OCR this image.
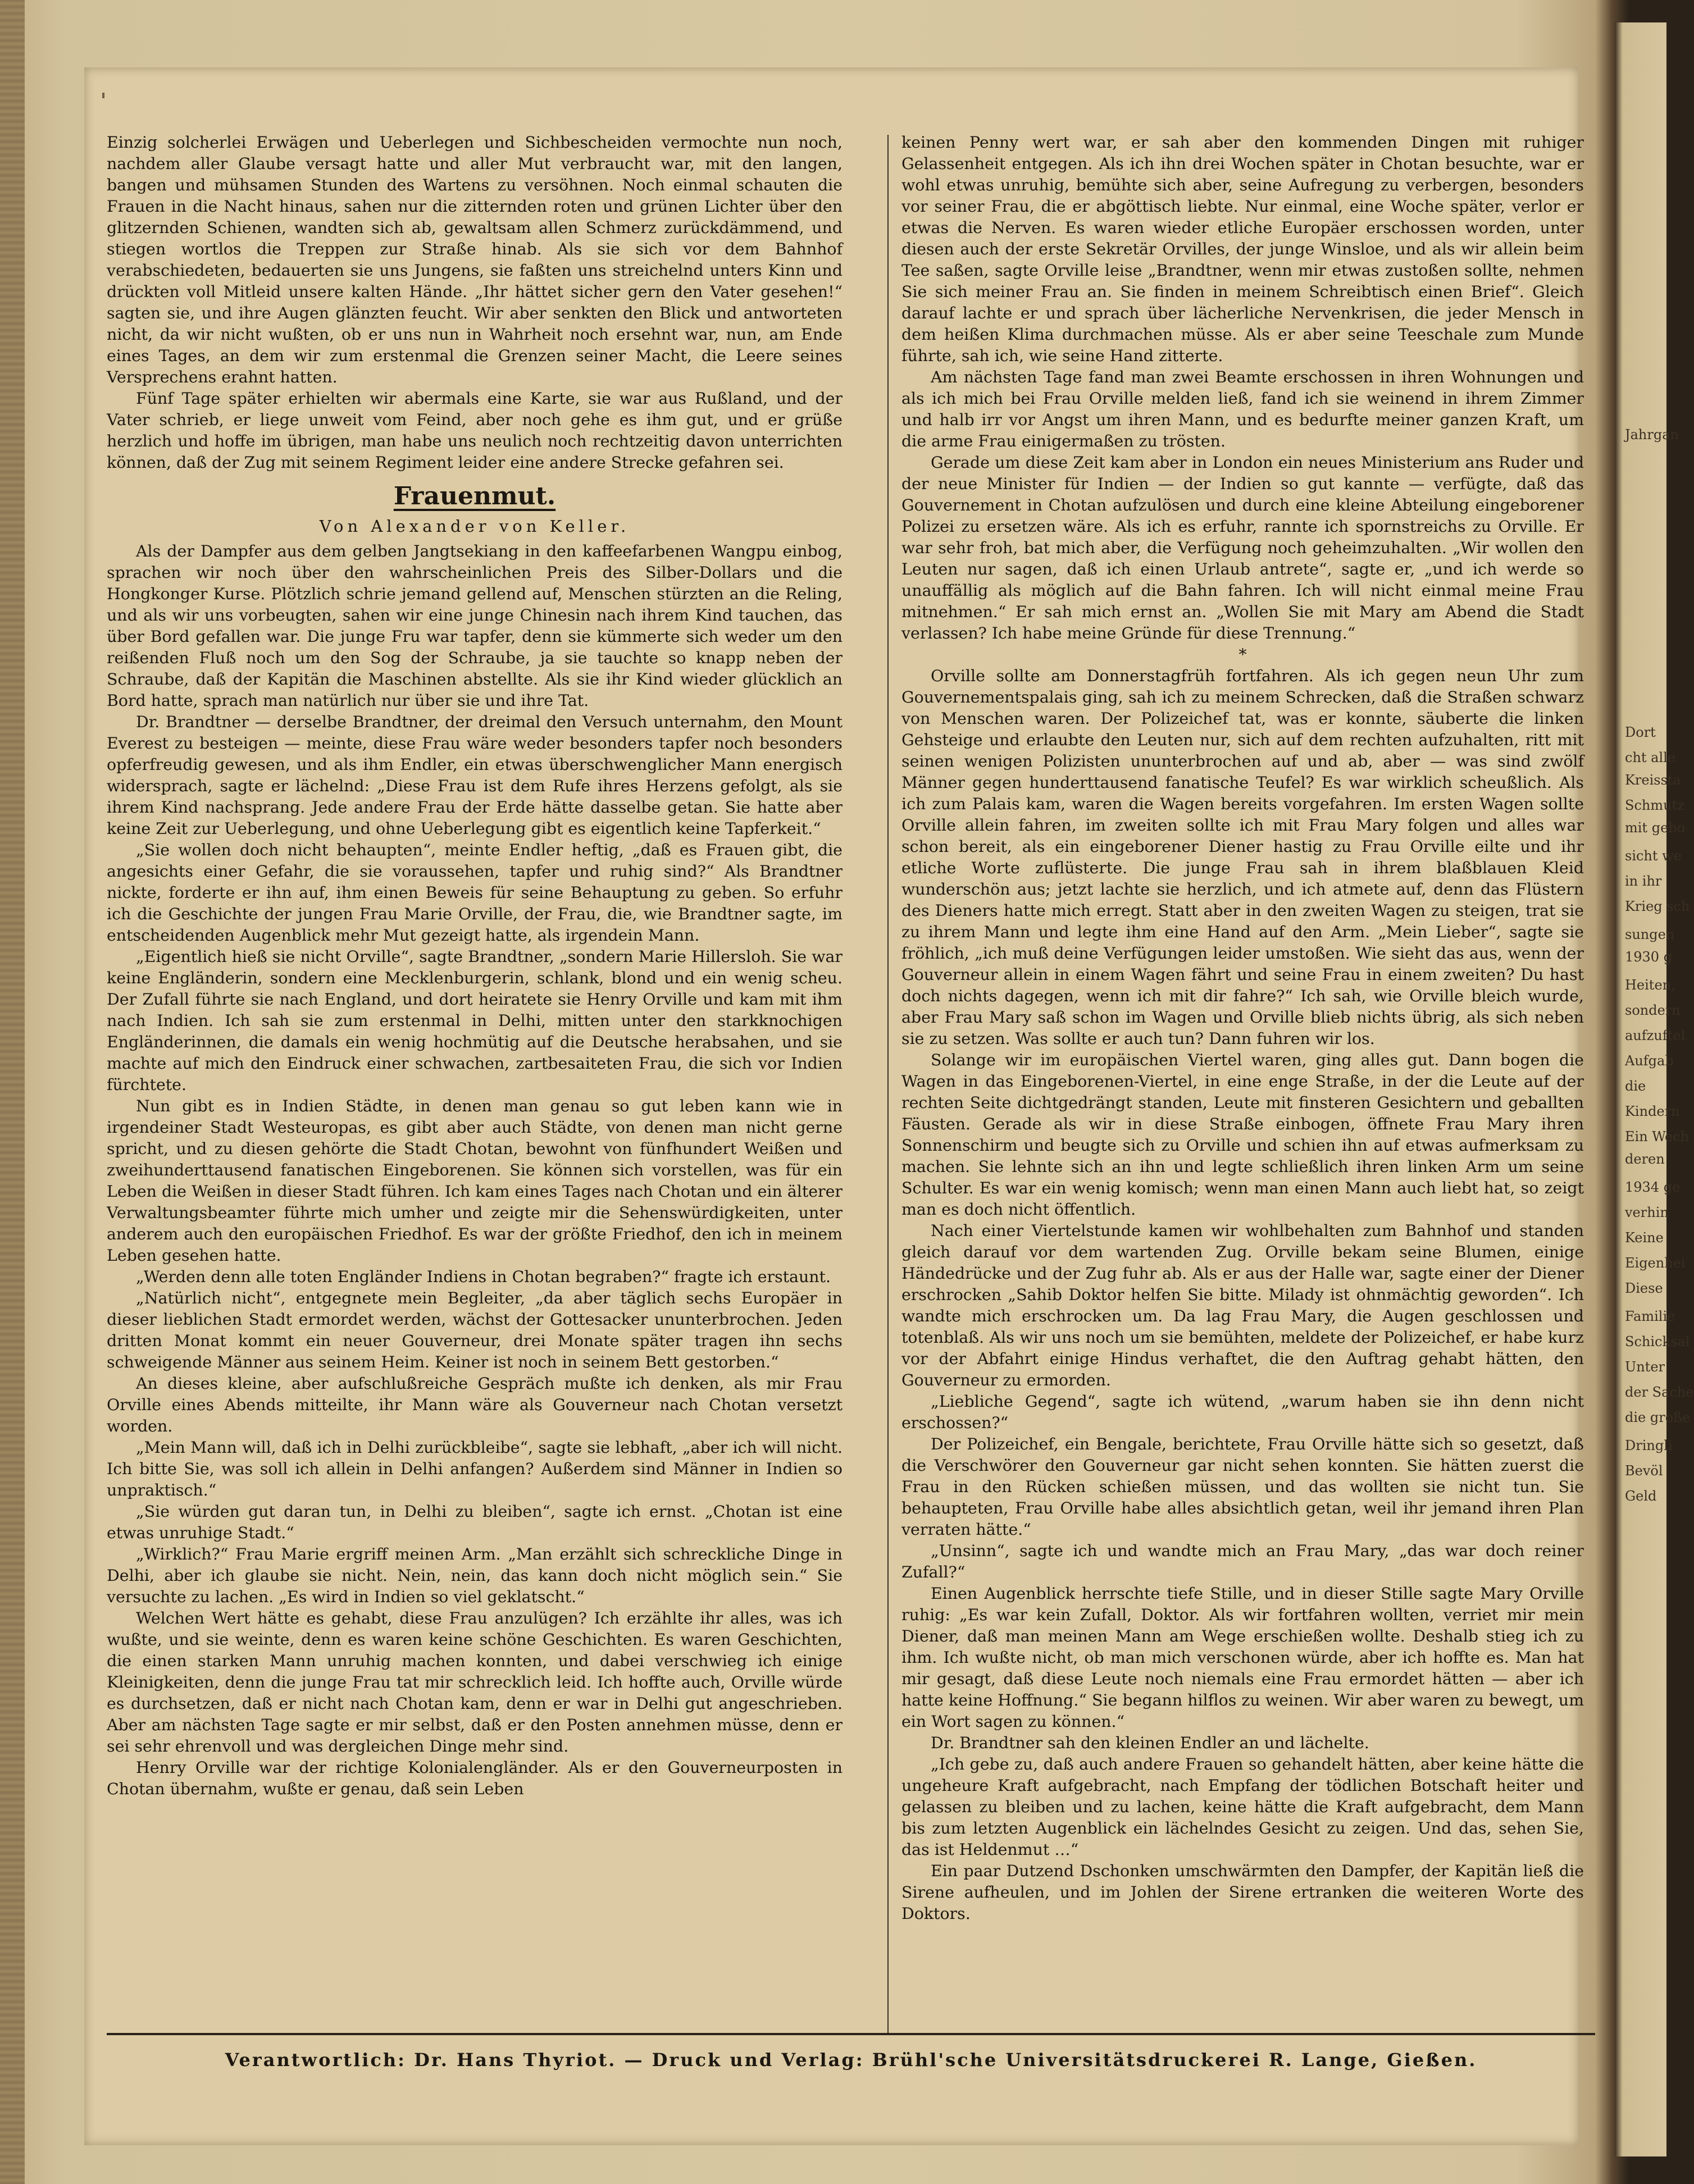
Einzig solcherlei Erwägen und Ueberlegen und Sichbescheiden vermochte nun noch, nachdem aller Glaube versagt hatte und aller Mut verbraucht war, mit den langen, bangen und mühsamen Stunden des Wartens zu versöhnen. Noch einmal schauten die Frauen in die Nacht hinaus, sahen nur die zitternden roten und grünen Lichter über den glitzernden Schienen, wandten sich ab, gewaltsam allen Schmerz zurückdämmend, und stiegen wortlos die Treppen zur Straße hinab. Als sie sich vor dem Bahnhof verabschiedeten, bedauerten sie uns Jungens, sie faßten uns streichelnd unters Kinn und drückten voll Mitleid unsere kalten Hände. „Ihr hättet sicher gern den Vater gesehen!“ sagten sie, und ihre Augen glänzten feucht. Wir aber senkten den Blick und antworteten nicht, da wir nicht wußten, ob er uns nun in Wahrheit noch ersehnt war, nun, am Ende eines Tages, an dem wir zum erstenmal die Grenzen seiner Macht, die Leere seines Versprechens erahnt hatten.

Fünf Tage später erhielten wir abermals eine Karte, sie war aus Rußland, und der Vater schrieb, er liege unweit vom Feind, aber noch gehe es ihm gut, und er grüße herzlich und hoffe im übrigen, man habe uns neulich noch rechtzeitig davon unterrichten können, daß der Zug mit seinem Regiment leider eine andere Strecke gefahren sei.

Frauenmut.
Von Alexander von Keller.

Als der Dampfer aus dem gelben Jangtsekiang in den kaffeefarbenen Wangpu einbog, sprachen wir noch über den wahrscheinlichen Preis des Silber-Dollars und die Hongkonger Kurse. Plötzlich schrie jemand gellend auf, Menschen stürzten an die Reling, und als wir uns vorbeugten, sahen wir eine junge Chinesin nach ihrem Kind tauchen, das über Bord gefallen war. Die junge Fru war tapfer, denn sie kümmerte sich weder um den reißenden Fluß noch um den Sog der Schraube, ja sie tauchte so knapp neben der Schraube, daß der Kapitän die Maschinen abstellte. Als sie ihr Kind wieder glücklich an Bord hatte, sprach man natürlich nur über sie und ihre Tat.

Dr. Brandtner — derselbe Brandtner, der dreimal den Versuch unternahm, den Mount Everest zu besteigen — meinte, diese Frau wäre weder besonders tapfer noch besonders opferfreudig gewesen, und als ihm Endler, ein etwas überschwenglicher Mann energisch widersprach, sagte er lächelnd: „Diese Frau ist dem Rufe ihres Herzens gefolgt, als sie ihrem Kind nachsprang. Jede andere Frau der Erde hätte dasselbe getan. Sie hatte aber keine Zeit zur Ueberlegung, und ohne Ueberlegung gibt es eigentlich keine Tapferkeit.“

„Sie wollen doch nicht behaupten“, meinte Endler heftig, „daß es Frauen gibt, die angesichts einer Gefahr, die sie voraussehen, tapfer und ruhig sind?“ Als Brandtner nickte, forderte er ihn auf, ihm einen Beweis für seine Behauptung zu geben. So erfuhr ich die Geschichte der jungen Frau Marie Orville, der Frau, die, wie Brandtner sagte, im entscheidenden Augenblick mehr Mut gezeigt hatte, als irgendein Mann.

„Eigentlich hieß sie nicht Orville“, sagte Brandtner, „sondern Marie Hillersloh. Sie war keine Engländerin, sondern eine Mecklenburgerin, schlank, blond und ein wenig scheu. Der Zufall führte sie nach England, und dort heiratete sie Henry Orville und kam mit ihm nach Indien. Ich sah sie zum erstenmal in Delhi, mitten unter den starkknochigen Engländerinnen, die damals ein wenig hochmütig auf die Deutsche herabsahen, und sie machte auf mich den Eindruck einer schwachen, zartbesaiteten Frau, die sich vor Indien fürchtete.

Nun gibt es in Indien Städte, in denen man genau so gut leben kann wie in irgendeiner Stadt Westeuropas, es gibt aber auch Städte, von denen man nicht gerne spricht, und zu diesen gehörte die Stadt Chotan, bewohnt von fünfhundert Weißen und zweihunderttausend fanatischen Eingeborenen. Sie können sich vorstellen, was für ein Leben die Weißen in dieser Stadt führen. Ich kam eines Tages nach Chotan und ein älterer Verwaltungsbeamter führte mich umher und zeigte mir die Sehenswürdigkeiten, unter anderem auch den europäischen Friedhof. Es war der größte Friedhof, den ich in meinem Leben gesehen hatte.

„Werden denn alle toten Engländer Indiens in Chotan begraben?“ fragte ich erstaunt.

„Natürlich nicht“, entgegnete mein Begleiter, „da aber täglich sechs Europäer in dieser lieblichen Stadt ermordet werden, wächst der Gottesacker ununterbrochen. Jeden dritten Monat kommt ein neuer Gouverneur, drei Monate später tragen ihn sechs schweigende Männer aus seinem Heim. Keiner ist noch in seinem Bett gestorben.“

An dieses kleine, aber aufschlußreiche Gespräch mußte ich denken, als mir Frau Orville eines Abends mitteilte, ihr Mann wäre als Gouverneur nach Chotan versetzt worden.

„Mein Mann will, daß ich in Delhi zurückbleibe“, sagte sie lebhaft, „aber ich will nicht. Ich bitte Sie, was soll ich allein in Delhi anfangen? Außerdem sind Männer in Indien so unpraktisch.“

„Sie würden gut daran tun, in Delhi zu bleiben“, sagte ich ernst. „Chotan ist eine etwas unruhige Stadt.“

„Wirklich?“ Frau Marie ergriff meinen Arm. „Man erzählt sich schreckliche Dinge in Delhi, aber ich glaube sie nicht. Nein, nein, das kann doch nicht möglich sein.“ Sie versuchte zu lachen. „Es wird in Indien so viel geklatscht.“

Welchen Wert hätte es gehabt, diese Frau anzulügen? Ich erzählte ihr alles, was ich wußte, und sie weinte, denn es waren keine schöne Geschichten. Es waren Geschichten, die einen starken Mann unruhig machen konnten, und dabei verschwieg ich einige Kleinigkeiten, denn die junge Frau tat mir schrecklich leid. Ich hoffte auch, Orville würde es durchsetzen, daß er nicht nach Chotan kam, denn er war in Delhi gut angeschrieben. Aber am nächsten Tage sagte er mir selbst, daß er den Posten annehmen müsse, denn er sei sehr ehrenvoll und was dergleichen Dinge mehr sind.

Henry Orville war der richtige Kolonialengländer. Als er den Gouverneurposten in Chotan übernahm, wußte er genau, daß sein Leben

keinen Penny wert war, er sah aber den kommenden Dingen mit ruhiger Gelassenheit entgegen. Als ich ihn drei Wochen später in Chotan besuchte, war er wohl etwas unruhig, bemühte sich aber, seine Aufregung zu verbergen, besonders vor seiner Frau, die er abgöttisch liebte. Nur einmal, eine Woche später, verlor er etwas die Nerven. Es waren wieder etliche Europäer erschossen worden, unter diesen auch der erste Sekretär Orvilles, der junge Winsloe, und als wir allein beim Tee saßen, sagte Orville leise „Brandtner, wenn mir etwas zustoßen sollte, nehmen Sie sich meiner Frau an. Sie finden in meinem Schreibtisch einen Brief“. Gleich darauf lachte er und sprach über lächerliche Nervenkrisen, die jeder Mensch in dem heißen Klima durchmachen müsse. Als er aber seine Teeschale zum Munde führte, sah ich, wie seine Hand zitterte.

Am nächsten Tage fand man zwei Beamte erschossen in ihren Wohnungen und als ich mich bei Frau Orville melden ließ, fand ich sie weinend in ihrem Zimmer und halb irr vor Angst um ihren Mann, und es bedurfte meiner ganzen Kraft, um die arme Frau einigermaßen zu trösten.

Gerade um diese Zeit kam aber in London ein neues Ministerium ans Ruder und der neue Minister für Indien — der Indien so gut kannte — verfügte, daß das Gouvernement in Chotan aufzulösen und durch eine kleine Abteilung eingeborener Polizei zu ersetzen wäre. Als ich es erfuhr, rannte ich spornstreichs zu Orville. Er war sehr froh, bat mich aber, die Verfügung noch geheimzuhalten. „Wir wollen den Leuten nur sagen, daß ich einen Urlaub antrete“, sagte er, „und ich werde so unauffällig als möglich auf die Bahn fahren. Ich will nicht einmal meine Frau mitnehmen.“ Er sah mich ernst an. „Wollen Sie mit Mary am Abend die Stadt verlassen? Ich habe meine Gründe für diese Trennung.“

*

Orville sollte am Donnerstagfrüh fortfahren. Als ich gegen neun Uhr zum Gouvernementspalais ging, sah ich zu meinem Schrecken, daß die Straßen schwarz von Menschen waren. Der Polizeichef tat, was er konnte, säuberte die linken Gehsteige und erlaubte den Leuten nur, sich auf dem rechten aufzuhalten, ritt mit seinen wenigen Polizisten ununterbrochen auf und ab, aber — was sind zwölf Männer gegen hunderttausend fanatische Teufel? Es war wirklich scheußlich. Als ich zum Palais kam, waren die Wagen bereits vorgefahren. Im ersten Wagen sollte Orville allein fahren, im zweiten sollte ich mit Frau Mary folgen und alles war schon bereit, als ein eingeborener Diener hastig zu Frau Orville eilte und ihr etliche Worte zuflüsterte. Die junge Frau sah in ihrem blaßblauen Kleid wunderschön aus; jetzt lachte sie herzlich, und ich atmete auf, denn das Flüstern des Dieners hatte mich erregt. Statt aber in den zweiten Wagen zu steigen, trat sie zu ihrem Mann und legte ihm eine Hand auf den Arm. „Mein Lieber“, sagte sie fröhlich, „ich muß deine Verfügungen leider umstoßen. Wie sieht das aus, wenn der Gouverneur allein in einem Wagen fährt und seine Frau in einem zweiten? Du hast doch nichts dagegen, wenn ich mit dir fahre?“ Ich sah, wie Orville bleich wurde, aber Frau Mary saß schon im Wagen und Orville blieb nichts übrig, als sich neben sie zu setzen. Was sollte er auch tun? Dann fuhren wir los.

Solange wir im europäischen Viertel waren, ging alles gut. Dann bogen die Wagen in das Eingeborenen-Viertel, in eine enge Straße, in der die Leute auf der rechten Seite dichtgedrängt standen, Leute mit finsteren Gesichtern und geballten Fäusten. Gerade als wir in diese Straße einbogen, öffnete Frau Mary ihren Sonnenschirm und beugte sich zu Orville und schien ihn auf etwas aufmerksam zu machen. Sie lehnte sich an ihn und legte schließlich ihren linken Arm um seine Schulter. Es war ein wenig komisch; wenn man einen Mann auch liebt hat, so zeigt man es doch nicht öffentlich.

Nach einer Viertelstunde kamen wir wohlbehalten zum Bahnhof und standen gleich darauf vor dem wartenden Zug. Orville bekam seine Blumen, einige Händedrücke und der Zug fuhr ab. Als er aus der Halle war, sagte einer der Diener erschrocken „Sahib Doktor helfen Sie bitte. Milady ist ohnmächtig geworden“. Ich wandte mich erschrocken um. Da lag Frau Mary, die Augen geschlossen und totenblaß. Als wir uns noch um sie bemühten, meldete der Polizeichef, er habe kurz vor der Abfahrt einige Hindus verhaftet, die den Auftrag gehabt hätten, den Gouverneur zu ermorden.

„Liebliche Gegend“, sagte ich wütend, „warum haben sie ihn denn nicht erschossen?“

Der Polizeichef, ein Bengale, berichtete, Frau Orville hätte sich so gesetzt, daß die Verschwörer den Gouverneur gar nicht sehen konnten. Sie hätten zuerst die Frau in den Rücken schießen müssen, und das wollten sie nicht tun. Sie behaupteten, Frau Orville habe alles absichtlich getan, weil ihr jemand ihren Plan verraten hätte.“

„Unsinn“, sagte ich und wandte mich an Frau Mary, „das war doch reiner Zufall?“

Einen Augenblick herrschte tiefe Stille, und in dieser Stille sagte Mary Orville ruhig: „Es war kein Zufall, Doktor. Als wir fortfahren wollten, verriet mir mein Diener, daß man meinen Mann am Wege erschießen wollte. Deshalb stieg ich zu ihm. Ich wußte nicht, ob man mich verschonen würde, aber ich hoffte es. Man hat mir gesagt, daß diese Leute noch niemals eine Frau ermordet hätten — aber ich hatte keine Hoffnung.“ Sie begann hilflos zu weinen. Wir aber waren zu bewegt, um ein Wort sagen zu können.“

Dr. Brandtner sah den kleinen Endler an und lächelte.

„Ich gebe zu, daß auch andere Frauen so gehandelt hätten, aber keine hätte die ungeheure Kraft aufgebracht, nach Empfang der tödlichen Botschaft heiter und gelassen zu bleiben und zu lachen, keine hätte die Kraft aufgebracht, dem Mann bis zum letzten Augenblick ein lächelndes Gesicht zu zeigen. Und das, sehen Sie, das ist Heldenmut …“

Ein paar Dutzend Dschonken umschwärmten den Dampfer, der Kapitän ließ die Sirene aufheulen, und im Johlen der Sirene ertranken die weiteren Worte des Doktors.

Verantwortlich: Dr. Hans Thyriot. — Druck und Verlag: Brühl'sche Universitätsdruckerei R. Lange, Gießen.
Jahrgan
Dort
cht alle
Kreissta
Schmutz
mit gebo
sicht we
in ihr
Krieg sch
sungen
1930 g
Heiten,
sondern
aufzuftel
Aufgab
die
Kindern
Ein Wech
deren
1934 ge
verhin
Keine
Eigenhei
Diese
Familie
Schicksal
Unter
der Sache
die große
Dringli
Bevöl
Geld
